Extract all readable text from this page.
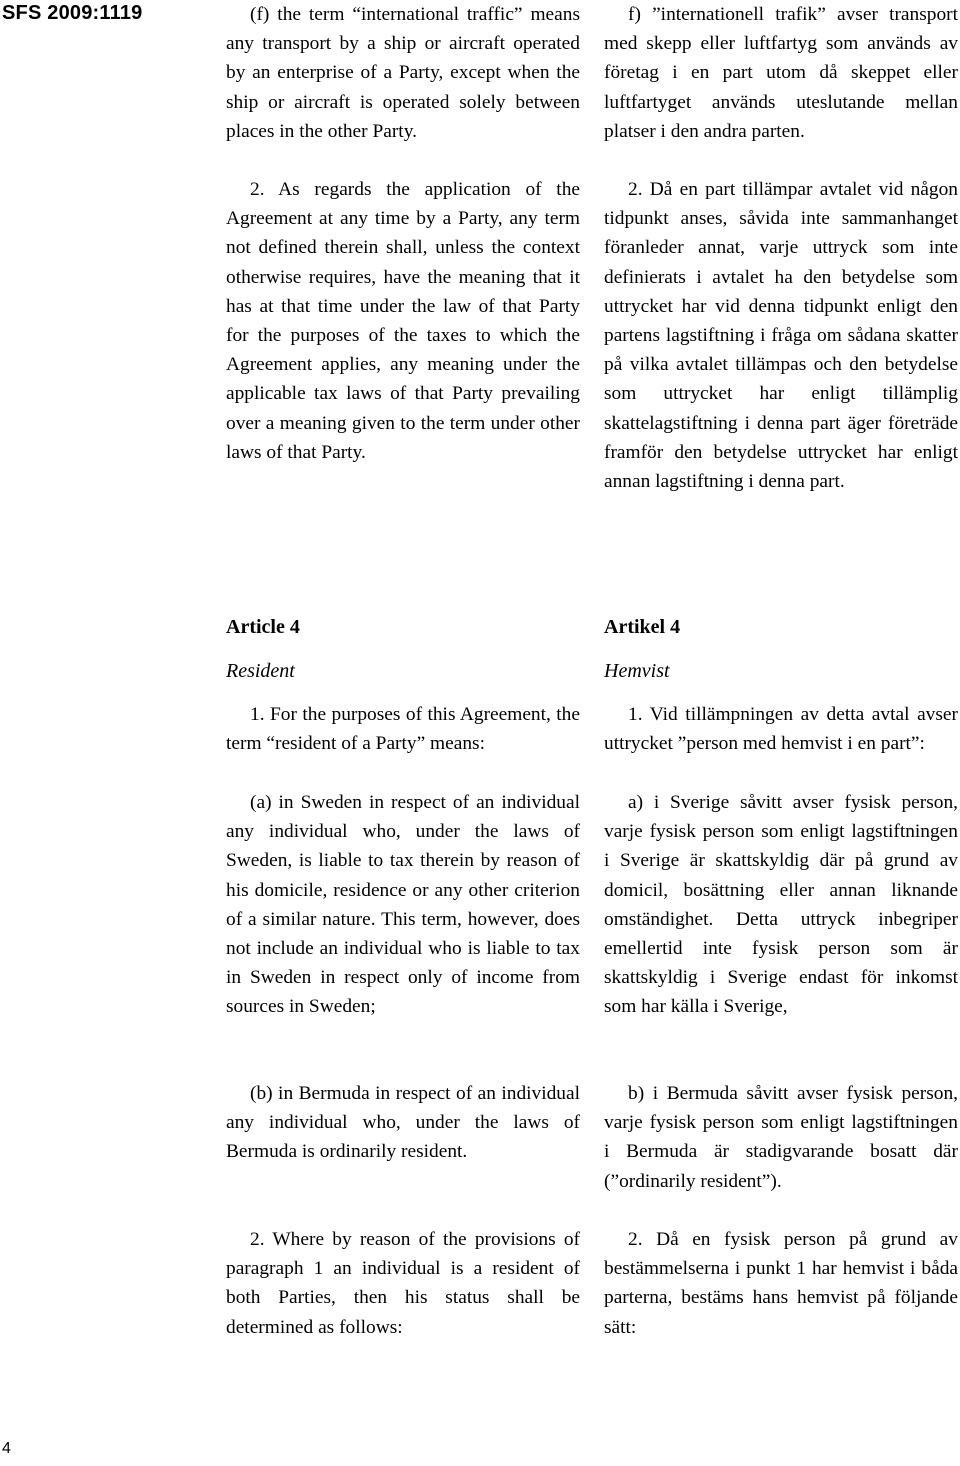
SFS 2009:1119	(f) the term “international traffic” means any transport by a ship or aircraft operated by an enterprise of a Party, except when the ship or aircraft is operated solely between places in the other Party.

2. As regards the application of the Agreement at any time by a Party, any term not defined therein shall, unless the context otherwise requires, have the meaning that it has at that time under the law of that Party for the purposes of the taxes to which the Agreement applies, any meaning under the applicable tax laws of that Party prevailing over a meaning given to the term under other laws of that Party.

Article 4
Resident

1. For the purposes of this Agreement, the term “resident of a Party” means:

(a) in Sweden in respect of an individual any individual who, under the laws of Sweden, is liable to tax therein by reason of his domicile, residence or any other criterion of a similar nature. This term, however, does not include an individual who is liable to tax in Sweden in respect only of income from sources in Sweden;

(b) in Bermuda in respect of an individual any individual who, under the laws of Bermuda is ordinarily resident.

2. Where by reason of the provisions of paragraph 1 an individual is a resident of both Parties, then his status shall be determined as follows:

f) ”internationell trafik” avser transport med skepp eller luftfartyg som används av företag i en part utom då skeppet eller luftfartyget används uteslutande mellan platser i den andra parten.

2. Då en part tillämpar avtalet vid någon tidpunkt anses, såvida inte sammanhanget föranleder annat, varje uttryck som inte definierats i avtalet ha den betydelse som uttrycket har vid denna tidpunkt enligt den partens lagstiftning i fråga om sådana skatter på vilka avtalet tillämpas och den betydelse som uttrycket har enligt tillämplig skattelagstiftning i denna part äger företräde framför den betydelse uttrycket har enligt annan lagstiftning i denna part.

Artikel 4
Hemvist

1. Vid tillämpningen av detta avtal avser uttrycket ”person med hemvist i en part”:

a) i Sverige såvitt avser fysisk person, varje fysisk person som enligt lagstiftningen i Sverige är skattskyldig där på grund av domicil, bosättning eller annan liknande omständighet. Detta uttryck inbegriper emellertid inte fysisk person som är skattskyldig i Sverige endast för inkomst som har källa i Sverige,

b) i Bermuda såvitt avser fysisk person, varje fysisk person som enligt lagstiftningen i Bermuda är stadigvarande bosatt där (”ordinarily resident”).

2. Då en fysisk person på grund av bestämmelserna i punkt 1 har hemvist i båda parterna, bestäms hans hemvist på följande sätt:

4
